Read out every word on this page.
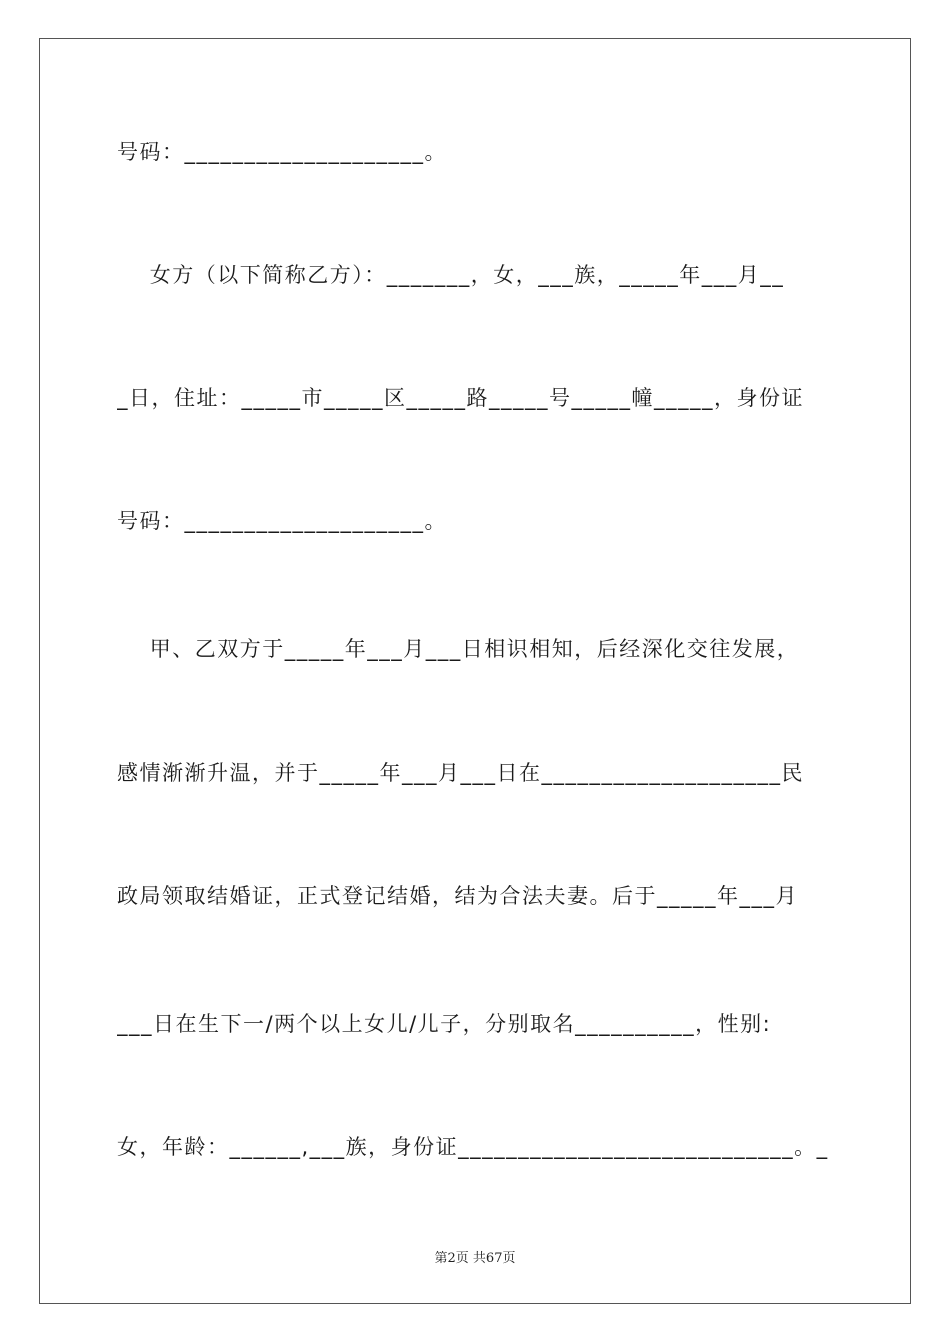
号码：____________________。
女方（以下简称乙方）：_______，女，___族，_____年___月__
_日，住址：_____市_____区_____路_____号_____幢_____，身份证
号码：____________________。
甲、乙双方于_____年___月___日相识相知，后经深化交往发展，
感情渐渐升温，并于_____年___月___日在____________________民
政局领取结婚证，正式登记结婚，结为合法夫妻。后于_____年___月
___日在生下一/两个以上女儿/儿子，分别取名__________，性别:
女，年龄：______,___族，身份证____________________________。_
第2页 共67页
